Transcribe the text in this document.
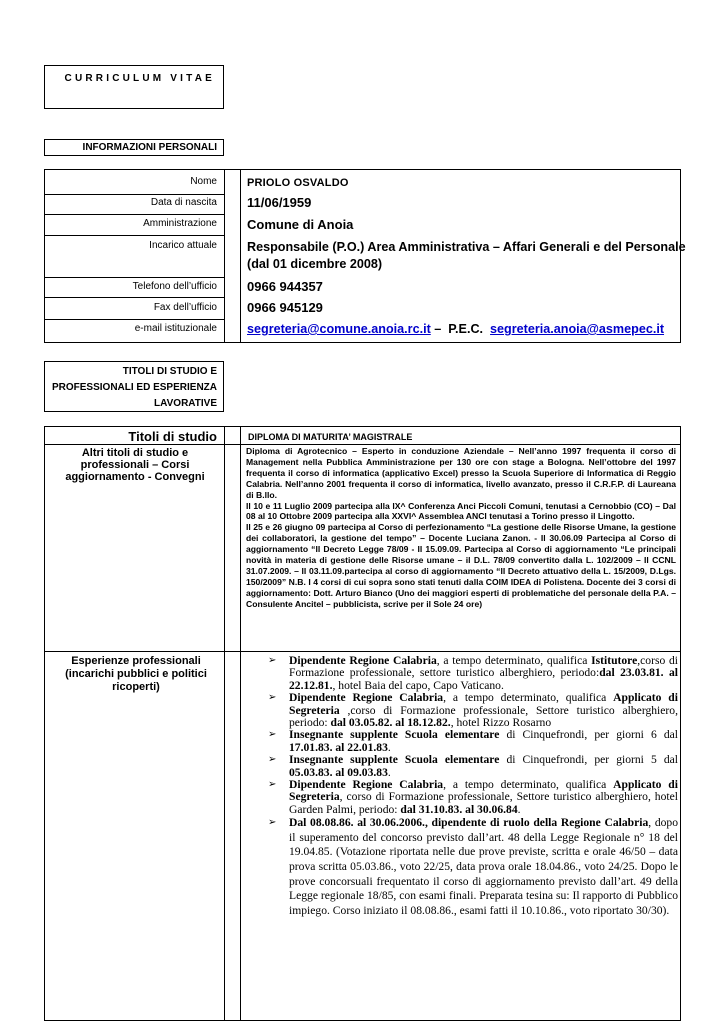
CURRICULUM VITAE
INFORMAZIONI PERSONALI
Nome	PRIOLO OSVALDO
Data di nascita 11/06/1959
Amministrazione Comune di Anoia
Incarico attuale Responsabile (P.O.) Area Amministrativa – Affari Generali e del Personale
(dal 01 dicembre 2008)
Telefono dell’ufficio 0966 944357
Fax dell’ufficio 0966 945129
e-mail istituzionale segreteria@comune.anoia.rc.it –  P.E.C.  segreteria.anoia@asmepec.it
TITOLI DI STUDIO E
PROFESSIONALI ED ESPERIENZA
LAVORATIVE
Titoli di studio	DIPLOMA DI MATURITA’ MAGISTRALE
Altri titoli di studio e professionali – Corsi aggiornamento - Convegni

Diploma di Agrotecnico – Esperto in conduzione Aziendale – Nell’anno 1997 frequenta il corso di Management nella Pubblica Amministrazione per 130 ore con stage a Bologna. Nell’ottobre del 1997 frequenta il corso di informatica (applicativo Excel) presso la Scuola Superiore di Informatica di Reggio Calabria. Nell’anno 2001 frequenta il corso di informatica, livello avanzato, presso il C.R.F.P. di Laureana di B.llo.

Il 10 e 11 Luglio 2009 partecipa alla IX^ Conferenza Anci Piccoli Comuni, tenutasi a Cernobbio (CO) – Dal 08 al 10 Ottobre 2009 partecipa alla XXVI^ Assemblea ANCI tenutasi a Torino presso il Lingotto.

Il 25 e 26 giugno 09 partecipa al Corso di perfezionamento “La gestione delle Risorse Umane, la gestione dei collaboratori, la gestione del tempo” – Docente Luciana Zanon. - Il 30.06.09 Partecipa al Corso di aggiornamento “Il Decreto Legge 78/09 - Il 15.09.09. Partecipa al Corso di aggiornamento “Le principali novità in materia di gestione delle Risorse umane – il D.L. 78/09 convertito dalla L. 102/2009 – Il CCNL 31.07.2009. – Il 03.11.09.partecipa al corso di aggiornamento “Il Decreto attuativo della L. 15/2009, D.Lgs. 150/2009” N.B. I 4 corsi di cui sopra sono stati tenuti dalla COIM IDEA di Polistena. Docente dei 3 corsi di aggiornamento: Dott. Arturo Bianco (Uno dei maggiori esperti di problematiche del personale della P.A. – Consulente Ancitel – pubblicista, scrive per il Sole 24 ore)

Esperienze professionali (incarichi pubblici e politici ricoperti)
➢ Dipendente Regione Calabria, a tempo determinato, qualifica Istitutore,corso di Formazione professionale, settore turistico alberghiero, periodo:dal 23.03.81. al 22.12.81., hotel Baia del capo, Capo Vaticano.
➢ Dipendente Regione Calabria, a tempo determinato, qualifica Applicato di Segreteria ,corso di Formazione professionale, Settore turistico alberghiero, periodo: dal 03.05.82. al 18.12.82., hotel Rizzo Rosarno
➢ Insegnante supplente Scuola elementare di Cinquefrondi, per giorni 6 dal 17.01.83. al 22.01.83.
➢ Insegnante supplente Scuola elementare di Cinquefrondi, per giorni 5 dal 05.03.83. al 09.03.83.
➢ Dipendente Regione Calabria, a tempo determinato, qualifica Applicato di Segreteria, corso di Formazione professionale, Settore turistico alberghiero, hotel Garden Palmi, periodo: dal 31.10.83. al 30.06.84.
➢ Dal 08.08.86. al 30.06.2006., dipendente di ruolo della Regione Calabria, dopo il superamento del concorso previsto dall’art. 48 della Legge Regionale n° 18 del 19.04.85. (Votazione riportata nelle due prove previste, scritta e orale 46/50 – data prova scritta 05.03.86., voto 22/25, data prova orale 18.04.86., voto 24/25. Dopo le prove concorsuali frequentato il corso di aggiornamento previsto dall’art. 49 della Legge regionale 18/85, con esami finali. Preparata tesina su: Il rapporto di Pubblico impiego. Corso iniziato il 08.08.86., esami fatti il 10.10.86., voto riportato 30/30).
